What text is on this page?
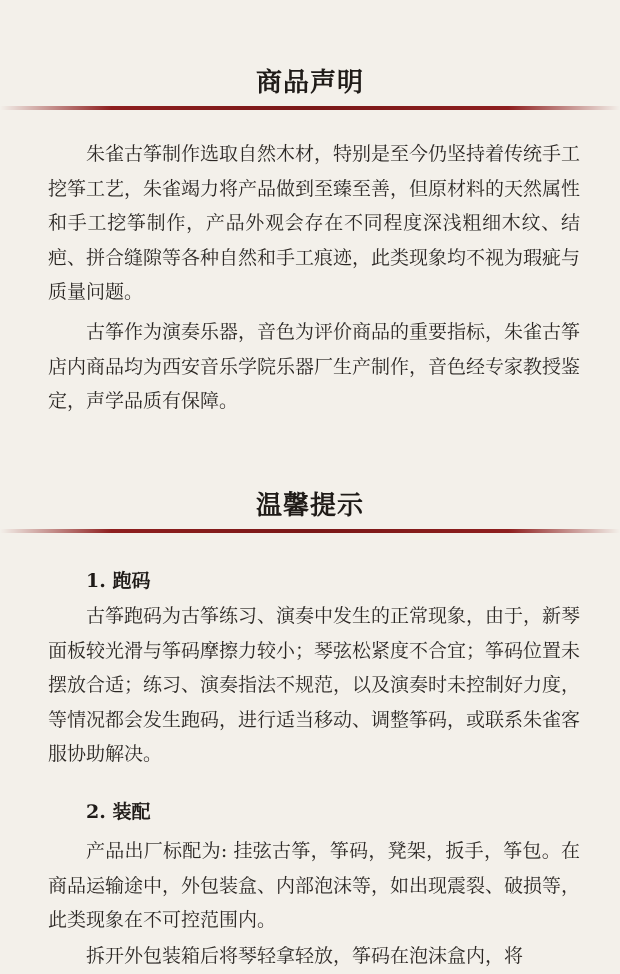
商品声明

朱雀古筝制作选取自然木材，特别是至今仍坚持着传统手工挖筝工艺，朱雀竭力将产品做到至臻至善，但原材料的天然属性和手工挖筝制作，产品外观会存在不同程度深浅粗细木纹、结疤、拼合缝隙等各种自然和手工痕迹，此类现象均不视为瑕疵与质量问题。

古筝作为演奏乐器，音色为评价商品的重要指标，朱雀古筝店内商品均为西安音乐学院乐器厂生产制作，音色经专家教授鉴定，声学品质有保障。

温馨提示
1. 跑码

古筝跑码为古筝练习、演奏中发生的正常现象，由于，新琴面板较光滑与筝码摩擦力较小；琴弦松紧度不合宜；筝码位置未摆放合适；练习、演奏指法不规范，以及演奏时未控制好力度，等情况都会发生跑码，进行适当移动、调整筝码，或联系朱雀客服协助解决。

2. 装配

产品出厂标配为: 挂弦古筝，筝码，凳架，扳手，筝包。在商品运输途中，外包装盒、内部泡沫等，如出现震裂、破损等，此类现象在不可控范围内。

拆开外包装箱后将琴轻拿轻放，筝码在泡沫盒内，将
